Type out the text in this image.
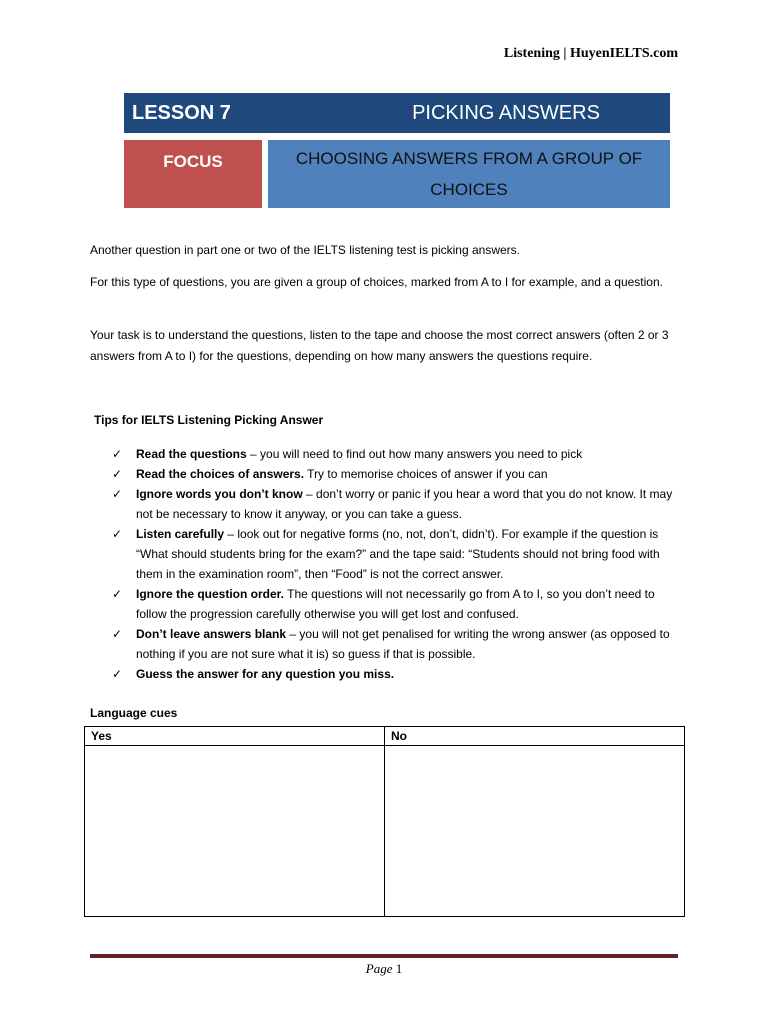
Listening | HuyenIELTS.com
LESSON 7	PICKING ANSWERS
FOCUS	CHOOSING ANSWERS FROM A GROUP OF
CHOICES
Another question in part one or two of the IELTS listening test is picking answers.
For this type of questions, you are given a group of choices, marked from A to I for example, and a question.
Your task is to understand the questions, listen to the tape and choose the most correct answers (often 2 or 3 answers from A to I) for the questions, depending on how many answers the questions require.
Tips for IELTS Listening Picking Answer
✓ Read the questions – you will need to find out how many answers you need to pick
✓ Read the choices of answers. Try to memorise choices of answer if you can
✓ Ignore words you don’t know – don’t worry or panic if you hear a word that you do not know. It may not be necessary to know it anyway, or you can take a guess.
✓ Listen carefully – look out for negative forms (no, not, don’t, didn’t). For example if the question is “What should students bring for the exam?” and the tape said: “Students should not bring food with them in the examination room”, then “Food” is not the correct answer.
✓ Ignore the question order. The questions will not necessarily go from A to I, so you don’t need to follow the progression carefully otherwise you will get lost and confused.
✓ Don’t leave answers blank – you will not get penalised for writing the wrong answer (as opposed to nothing if you are not sure what it is) so guess if that is possible.
✓ Guess the answer for any question you miss.
Language cues
Yes	No

Page 1
